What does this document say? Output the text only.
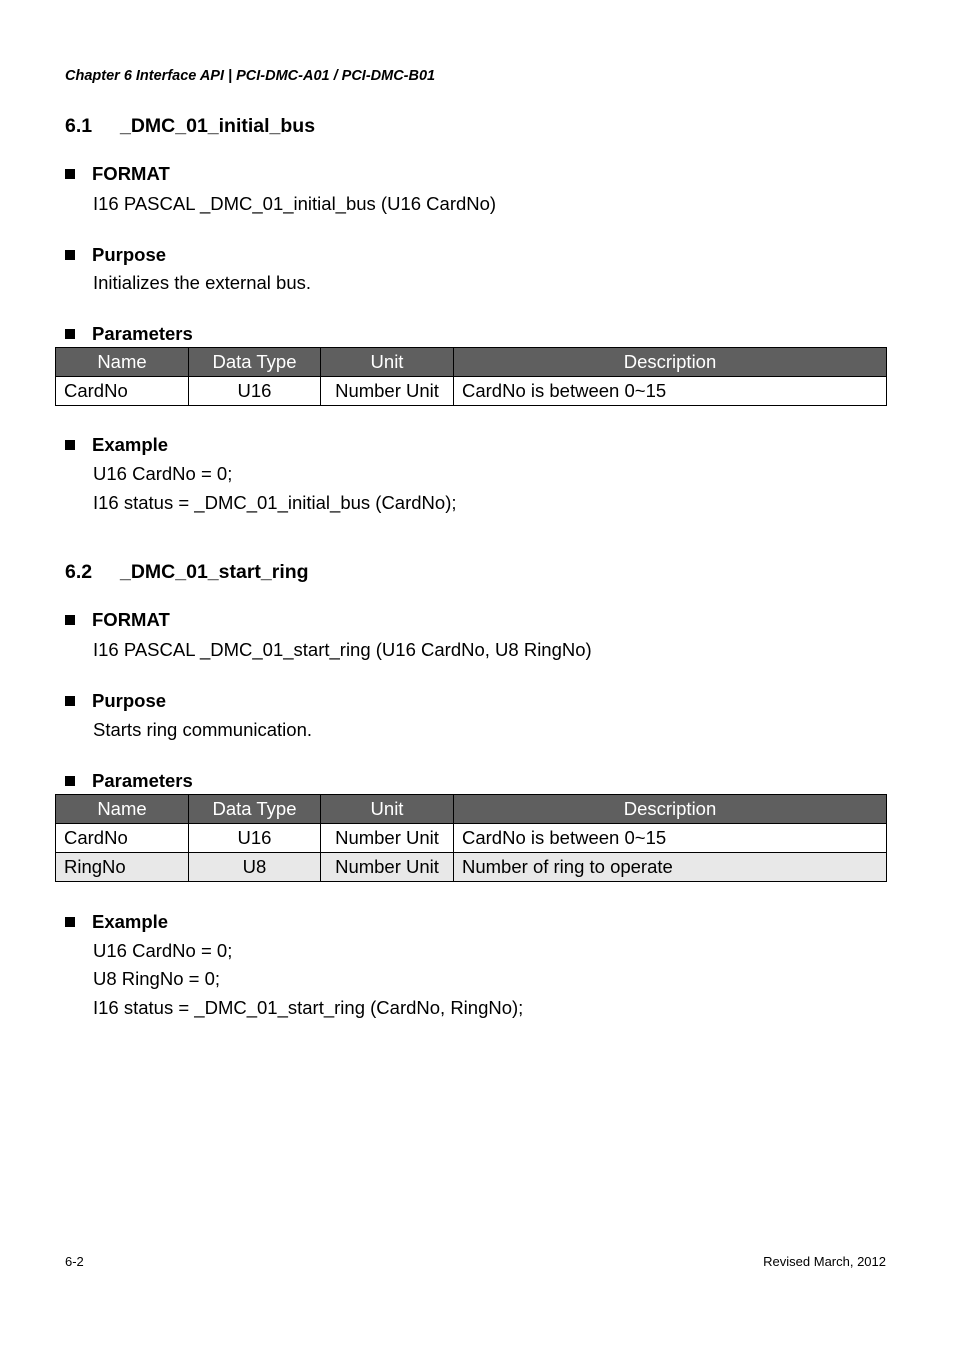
Chapter 6 Interface API | PCI-DMC-A01 / PCI-DMC-B01
6.1 _DMC_01_initial_bus
FORMAT
I16 PASCAL _DMC_01_initial_bus (U16 CardNo)
Purpose
Initializes the external bus.
Parameters
Name	Data Type	Unit	Description
CardNo	U16	Number Unit	CardNo is between 0~15
Example
U16 CardNo = 0;
I16 status = _DMC_01_initial_bus (CardNo);
6.2 _DMC_01_start_ring
FORMAT
I16 PASCAL _DMC_01_start_ring (U16 CardNo, U8 RingNo)
Purpose
Starts ring communication.
Parameters
Name	Data Type	Unit	Description
CardNo	U16	Number Unit	CardNo is between 0~15
RingNo	U8	Number Unit	Number of ring to operate
Example
U16 CardNo = 0;
U8 RingNo = 0;
I16 status = _DMC_01_start_ring (CardNo, RingNo);
6-2	Revised March, 2012
